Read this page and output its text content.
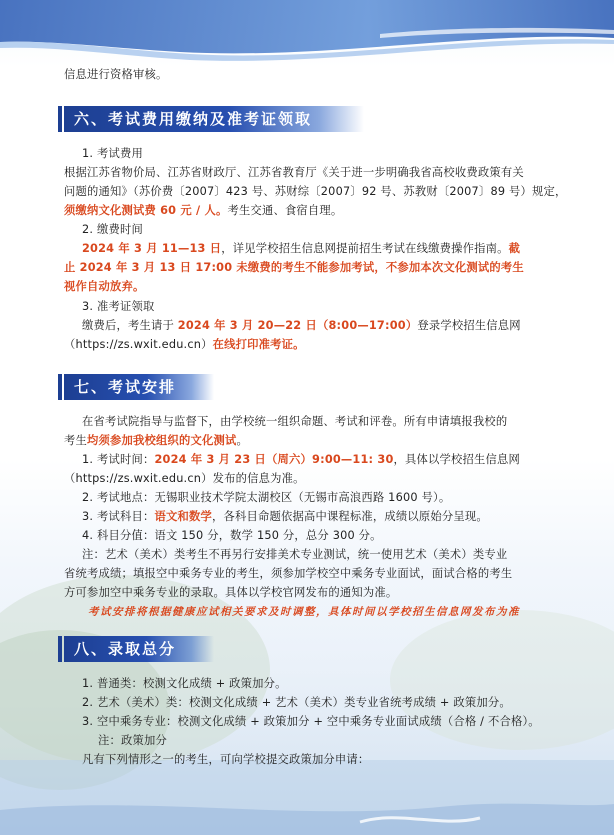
信息进行资格审核。
六、考试费用缴纳及准考证领取
1. 考试费用
根据江苏省物价局、江苏省财政厅、江苏省教育厅《关于进一步明确我省高校收费政策有关
问题的通知》（苏价费〔2007〕423 号、苏财综〔2007〕92 号、苏教财〔2007〕89 号）规定，
须缴纳文化测试费 60 元 / 人。考生交通、食宿自理。
2. 缴费时间
2024 年 3 月 11—13 日，详见学校招生信息网提前招生考试在线缴费操作指南。截
止 2024 年 3 月 13 日 17:00 未缴费的考生不能参加考试，不参加本次文化测试的考生
视作自动放弃。
3. 准考证领取
缴费后，考生请于 2024 年 3 月 20—22 日（8:00—17:00）登录学校招生信息网
（https://zs.wxit.edu.cn）在线打印准考证。
七、考试安排
在省考试院指导与监督下，由学校统一组织命题、考试和评卷。所有申请填报我校的
考生均须参加我校组织的文化测试。
1. 考试时间：2024 年 3 月 23 日（周六）9:00—11: 30，具体以学校招生信息网
（https://zs.wxit.edu.cn）发布的信息为准。
2. 考试地点：无锡职业技术学院太湖校区（无锡市高浪西路 1600 号）。
3. 考试科目：语文和数学，各科目命题依据高中课程标准，成绩以原始分呈现。
4. 科目分值：语文 150 分，数学 150 分，总分 300 分。
注：艺术（美术）类考生不再另行安排美术专业测试，统一使用艺术（美术）类专业
省统考成绩；填报空中乘务专业的考生，须参加学校空中乘务专业面试，面试合格的考生
方可参加空中乘务专业的录取。具体以学校官网发布的通知为准。
考试安排将根据健康应试相关要求及时调整，具体时间以学校招生信息网发布为准
八、录取总分
1. 普通类：校测文化成绩 + 政策加分。
2. 艺术（美术）类：校测文化成绩 + 艺术（美术）类专业省统考成绩 + 政策加分。
3. 空中乘务专业：校测文化成绩 + 政策加分 + 空中乘务专业面试成绩（合格 / 不合格）。
注：政策加分
凡有下列情形之一的考生，可向学校提交政策加分申请：
